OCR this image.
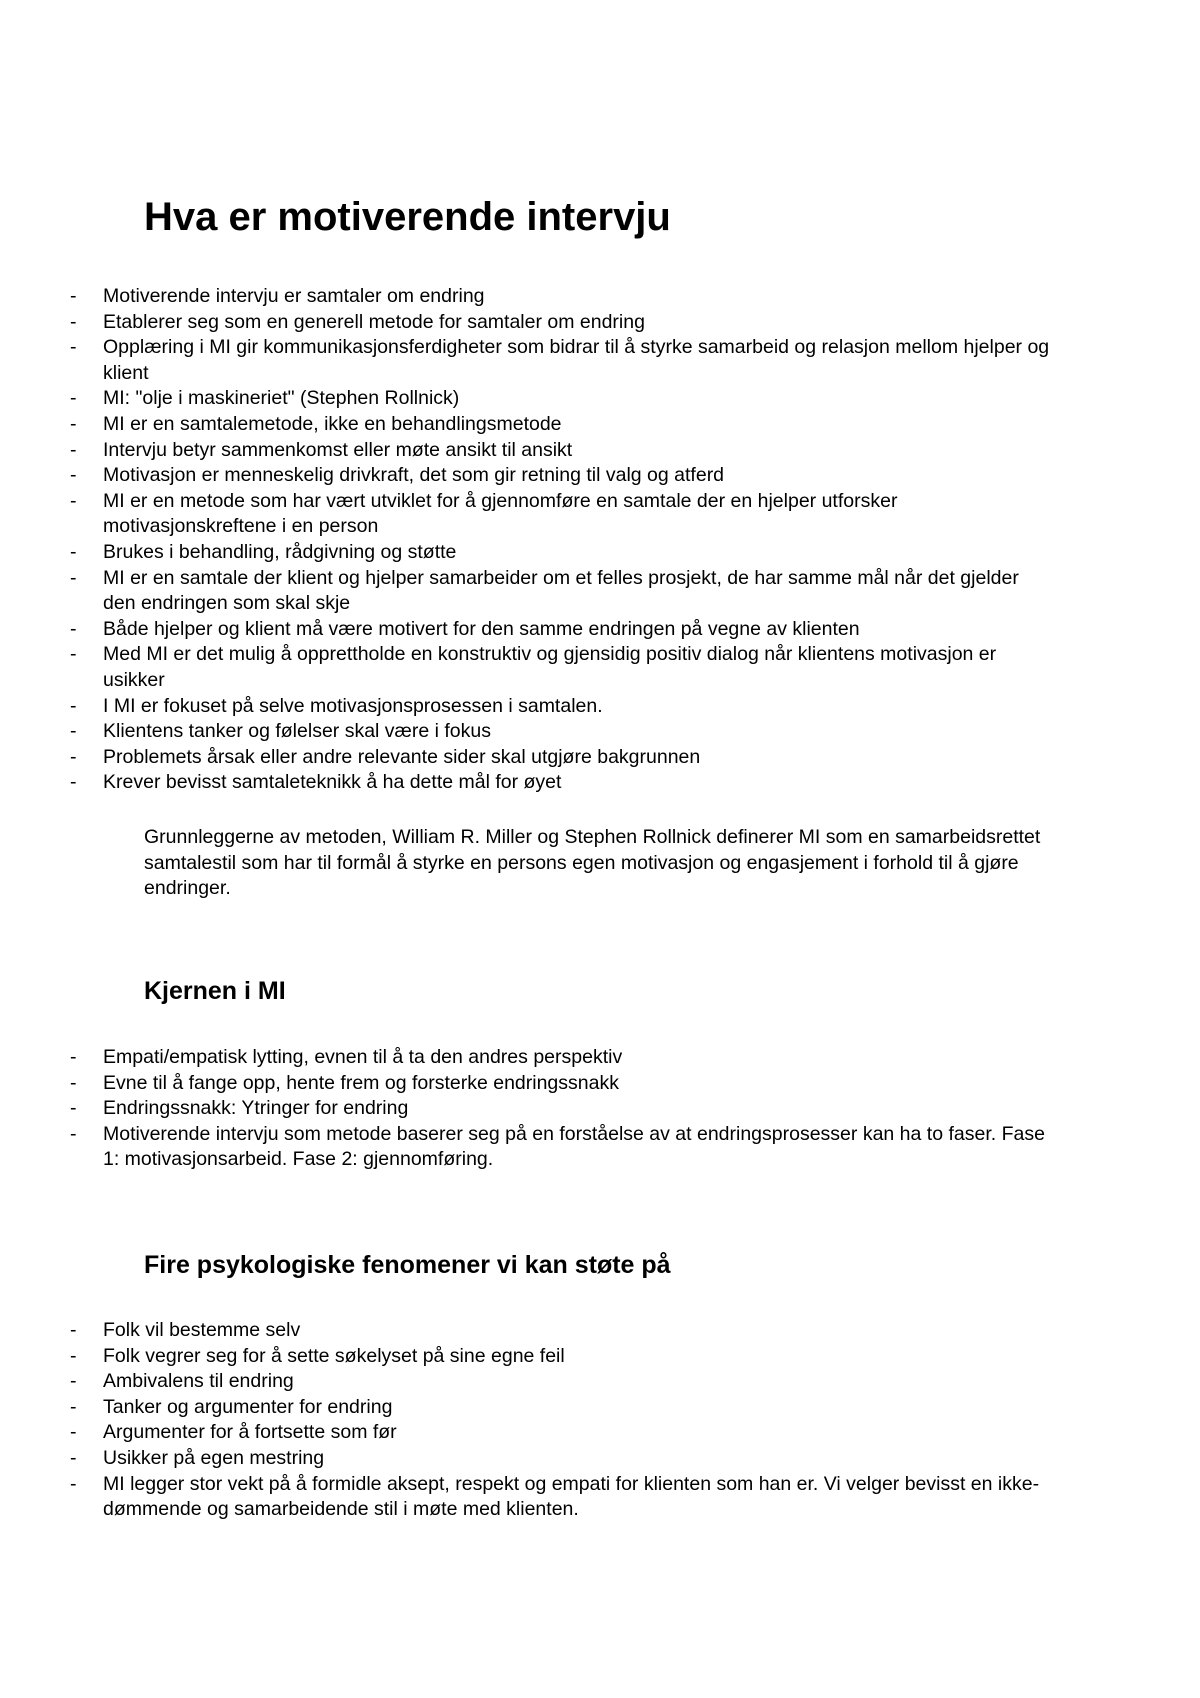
Hva er motiverende intervju
- Motiverende intervju er samtaler om endring
- Etablerer seg som en generell metode for samtaler om endring
- Opplæring i MI gir kommunikasjonsferdigheter som bidrar til å styrke samarbeid og relasjon mellom hjelper og klient
- MI: "olje i maskineriet" (Stephen Rollnick)
- MI er en samtalemetode, ikke en behandlingsmetode
- Intervju betyr sammenkomst eller møte ansikt til ansikt
- Motivasjon er menneskelig drivkraft, det som gir retning til valg og atferd
- MI er en metode som har vært utviklet for å gjennomføre en samtale der en hjelper utforsker motivasjonskreftene i en person
- Brukes i behandling, rådgivning og støtte
- MI er en samtale der klient og hjelper samarbeider om et felles prosjekt, de har samme mål når det gjelder den endringen som skal skje
- Både hjelper og klient må være motivert for den samme endringen på vegne av klienten
- Med MI er det mulig å opprettholde en konstruktiv og gjensidig positiv dialog når klientens motivasjon er usikker
- I MI er fokuset på selve motivasjonsprosessen i samtalen.
- Klientens tanker og følelser skal være i fokus
- Problemets årsak eller andre relevante sider skal utgjøre bakgrunnen
- Krever bevisst samtaleteknikk å ha dette mål for øyet

Grunnleggerne av metoden, William R. Miller og Stephen Rollnick definerer MI som en samarbeidsrettet samtalestil som har til formål å styrke en persons egen motivasjon og engasjement i forhold til å gjøre endringer.

Kjernen i MI
- Empati/empatisk lytting, evnen til å ta den andres perspektiv
- Evne til å fange opp, hente frem og forsterke endringssnakk
- Endringssnakk: Ytringer for endring
- Motiverende intervju som metode baserer seg på en forståelse av at endringsprosesser kan ha to faser. Fase 1: motivasjonsarbeid. Fase 2: gjennomføring.
Fire psykologiske fenomener vi kan støte på
- Folk vil bestemme selv
- Folk vegrer seg for å sette søkelyset på sine egne feil
- Ambivalens til endring
- Tanker og argumenter for endring
- Argumenter for å fortsette som før
- Usikker på egen mestring
- MI legger stor vekt på å formidle aksept, respekt og empati for klienten som han er. Vi velger bevisst en ikke-dømmende og samarbeidende stil i møte med klienten.
